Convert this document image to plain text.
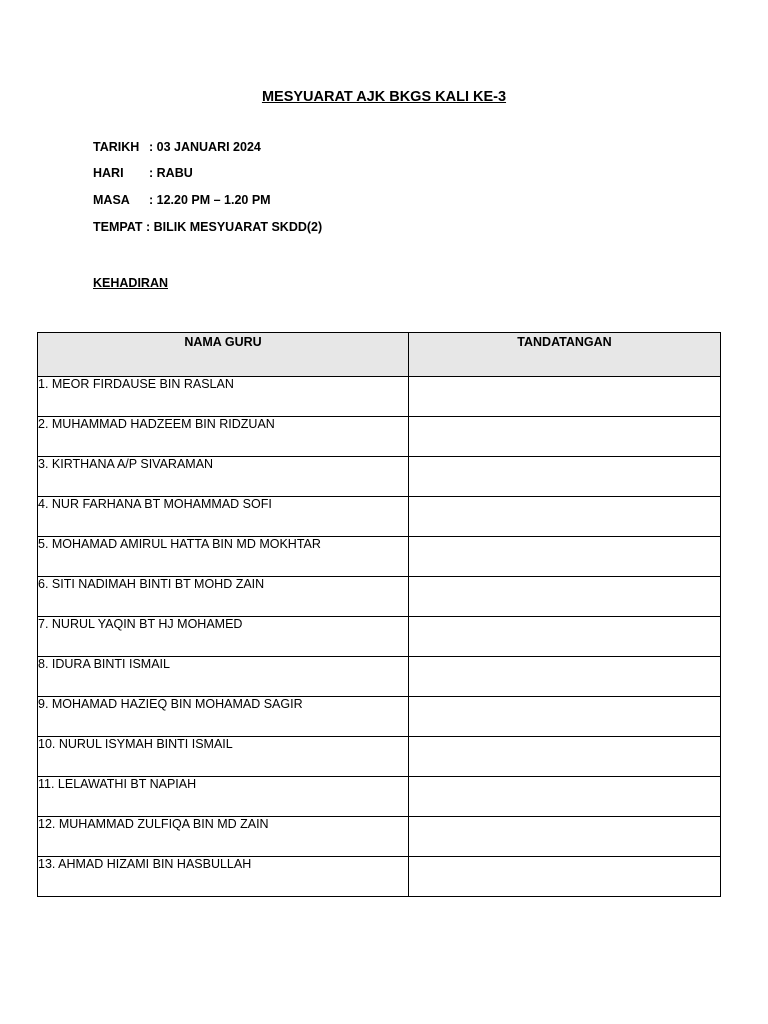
MESYUARAT AJK BKGS KALI KE-3
TARIKH : 03 JANUARI 2024
HARI : RABU
MASA : 12.20 PM – 1.20 PM
TEMPAT : BILIK MESYUARAT SKDD(2)
KEHADIRAN
NAMA GURU	TANDATANGAN
1. MEOR FIRDAUSE BIN RASLAN	
2. MUHAMMAD HADZEEM BIN RIDZUAN	
3. KIRTHANA A/P SIVARAMAN	
4. NUR FARHANA BT MOHAMMAD SOFI	
5. MOHAMAD AMIRUL HATTA BIN MD MOKHTAR	
6. SITI NADIMAH BINTI BT MOHD ZAIN	
7. NURUL YAQIN BT HJ MOHAMED	
8. IDURA BINTI ISMAIL	
9. MOHAMAD HAZIEQ BIN MOHAMAD SAGIR	
10. NURUL ISYMAH BINTI ISMAIL	
11. LELAWATHI BT NAPIAH	
12. MUHAMMAD ZULFIQA BIN MD ZAIN	
13. AHMAD HIZAMI BIN HASBULLAH	
